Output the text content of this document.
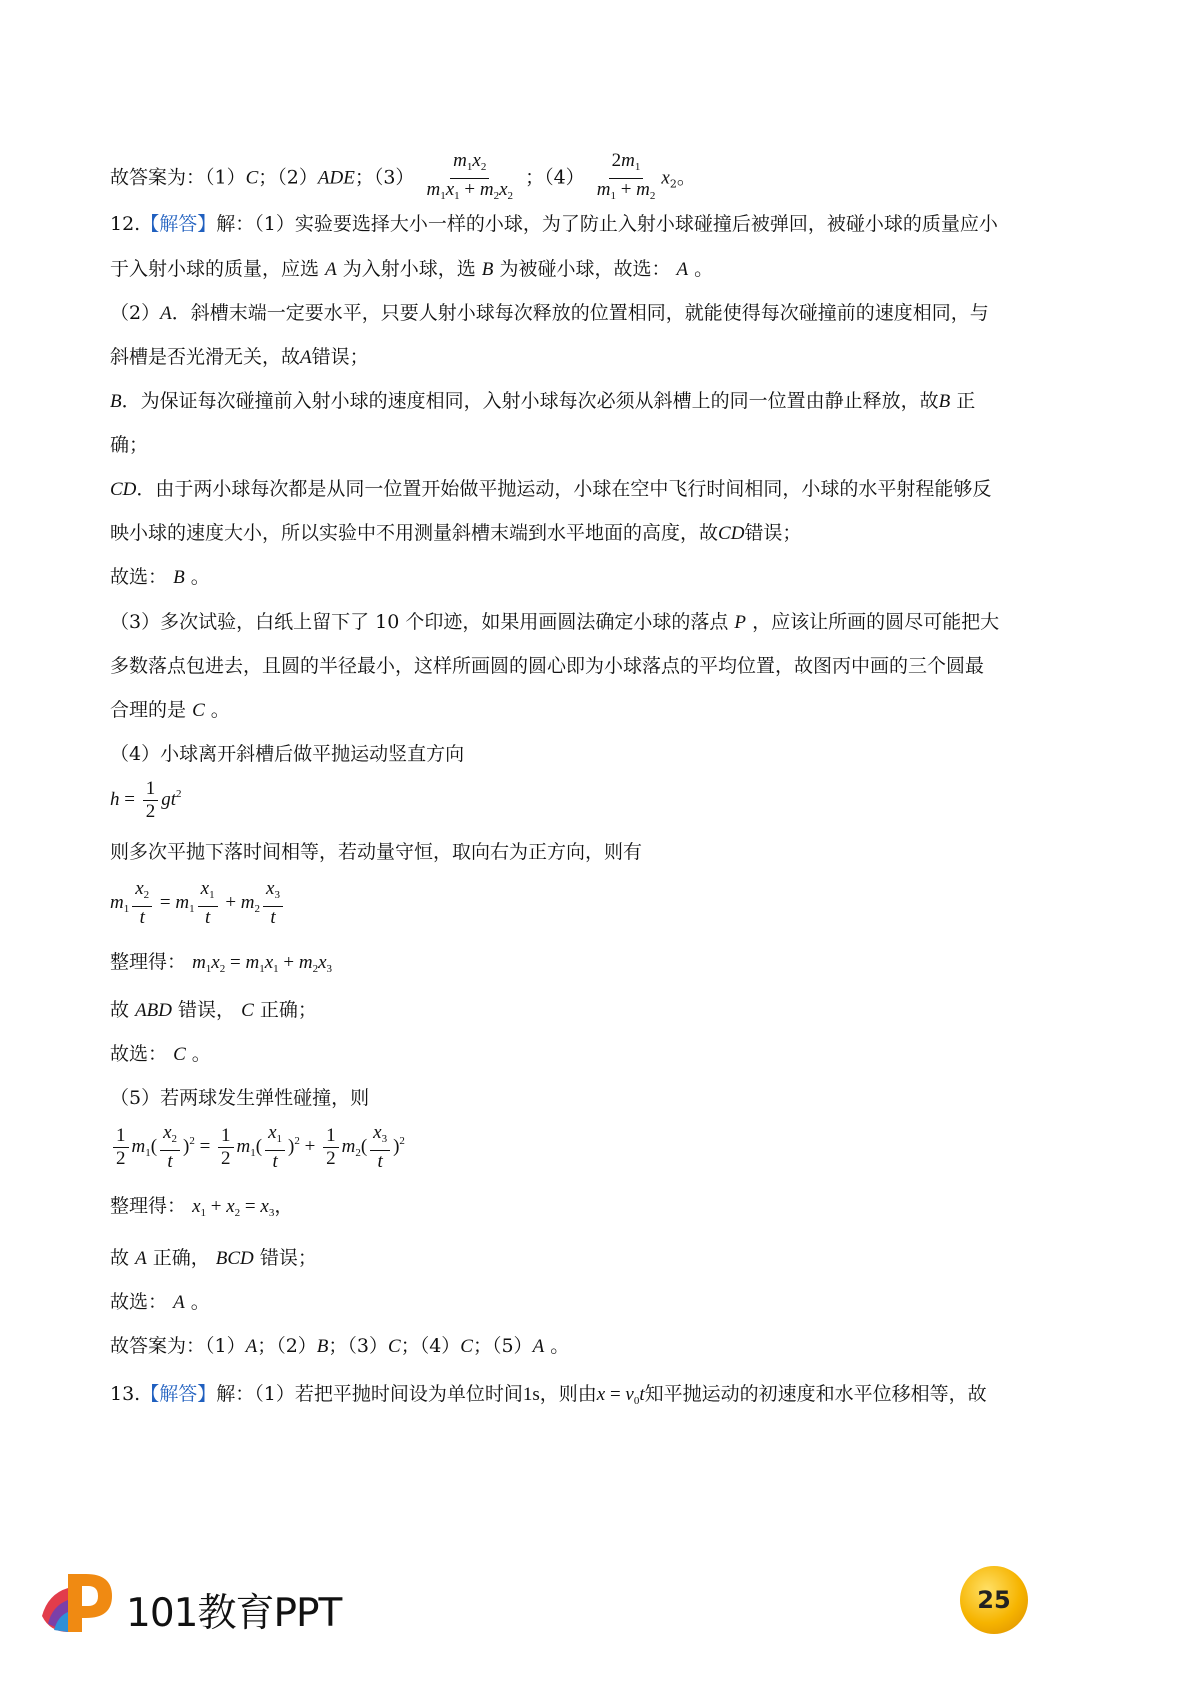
故答案为：（1）C；（2）ADE；$(3) \frac{m_1x_2}{m_1x_1 + m_2x_2}$ ；$(4) \frac{2m_1}{m_1 + m_2} x_2$。
12.【解答】解：（1）实验要选择大小一样的小球，为了防止入射小球碰撞后被弹回，被碰小球的质量应小
于入射小球的质量，应选 A 为入射小球，选 B 为被碰小球，故选： A 。
（2）A．斜槽末端一定要水平，只要人射小球每次释放的位置相同，就能使得每次碰撞前的速度相同，与
斜槽是否光滑无关，故A错误；
B．为保证每次碰撞前入射小球的速度相同，入射小球每次必须从斜槽上的同一位置由静止释放，故B 正
确；
CD．由于两小球每次都是从同一位置开始做平抛运动，小球在空中飞行时间相同，小球的水平射程能够反
映小球的速度大小，所以实验中不用测量斜槽末端到水平地面的高度，故CD错误；
故选： B 。
（3）多次试验，白纸上留下了 10 个印迹，如果用画圆法确定小球的落点 P ，应该让所画的圆尽可能把大
多数落点包进去，且圆的半径最小，这样所画圆的圆心即为小球落点的平均位置，故图丙中画的三个圆最
合理的是 C 。
（4）小球离开斜槽后做平抛运动竖直方向
$h = \frac{1}{2} gt^2$
则多次平抛下落时间相等，若动量守恒，取向右为正方向，则有
$m_1 \frac{x_2}{t} = m_1 \frac{x_1}{t} + m_2 \frac{x_3}{t}$
整理得： $m_1x_2 = m_1x_1 + m_2x_3$
故 ABD 错误， C 正确；
故选： C 。
（5）若两球发生弹性碰撞，则
$\frac{1}{2} m_1( \frac{x_2}{t} )^2 = \frac{1}{2} m_1( \frac{x_1}{t} )^2 + \frac{1}{2} m_2( \frac{x_3}{t} )^2$
整理得： $x_1 + x_2 = x_3$，
故 A 正确， BCD 错误；
故选： A 。
故答案为：（1）A；（2）B；（3）C；（4）C；（5）A 。
13.【解答】解：（1）若把平抛时间设为单位时间1s，则由$x = v_0t$知平抛运动的初速度和水平位移相等，故
101教育PPT	25
